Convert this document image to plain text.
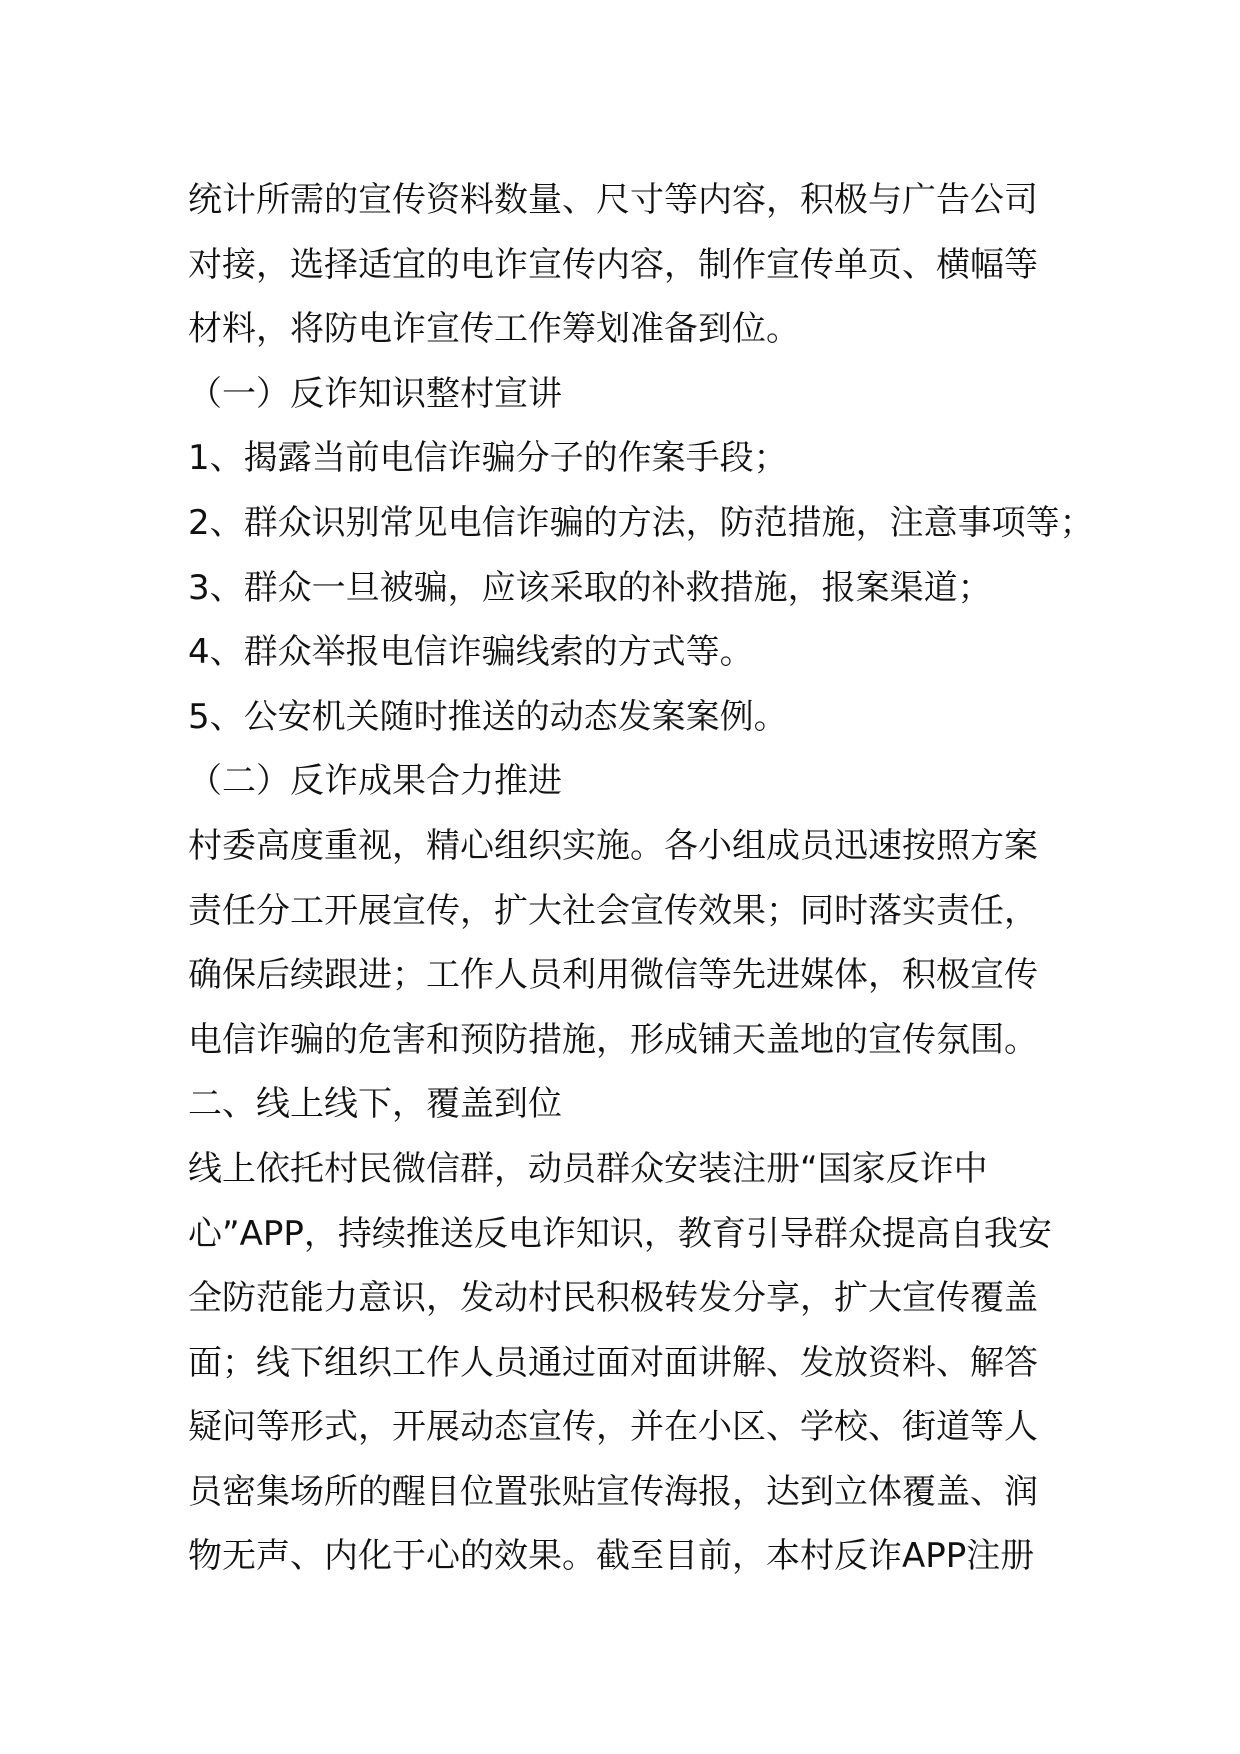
统计所需的宣传资料数量、尺寸等内容，积极与广告公司

对接，选择适宜的电诈宣传内容，制作宣传单页、横幅等

材料，将防电诈宣传工作筹划准备到位。

（一）反诈知识整村宣讲

1、揭露当前电信诈骗分子的作案手段；

2、群众识别常见电信诈骗的方法，防范措施，注意事项等；

3、群众一旦被骗，应该采取的补救措施，报案渠道；

4、群众举报电信诈骗线索的方式等。

5、公安机关随时推送的动态发案案例。

（二）反诈成果合力推进

村委高度重视，精心组织实施。各小组成员迅速按照方案

责任分工开展宣传，扩大社会宣传效果；同时落实责任，

确保后续跟进；工作人员利用微信等先进媒体，积极宣传

电信诈骗的危害和预防措施，形成铺天盖地的宣传氛围。

二、线上线下，覆盖到位

线上依托村民微信群，动员群众安装注册“国家反诈中

心”APP，持续推送反电诈知识，教育引导群众提高自我安

全防范能力意识，发动村民积极转发分享，扩大宣传覆盖

面；线下组织工作人员通过面对面讲解、发放资料、解答

疑问等形式，开展动态宣传，并在小区、学校、街道等人

员密集场所的醒目位置张贴宣传海报，达到立体覆盖、润

物无声、内化于心的效果。截至目前，本村反诈APP注册
